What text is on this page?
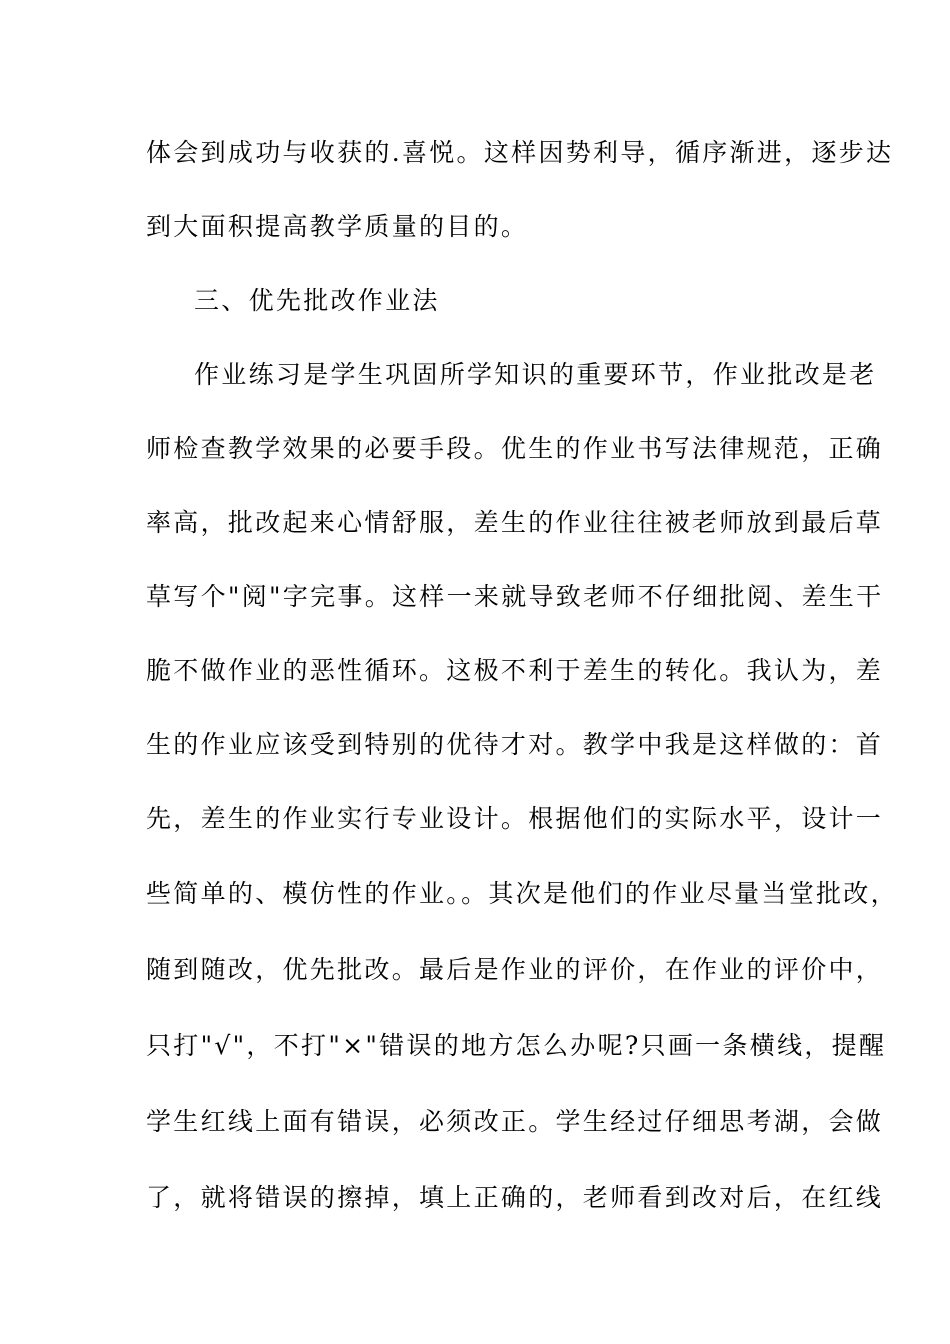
体会到成功与收获的.喜悦。这样因势利导，循序渐进，逐步达
到大面积提高教学质量的目的。
三、优先批改作业法
作业练习是学生巩固所学知识的重要环节，作业批改是老
师检查教学效果的必要手段。优生的作业书写法律规范，正确
率高，批改起来心情舒服，差生的作业往往被老师放到最后草
草写个"阅"字完事。这样一来就导致老师不仔细批阅、差生干
脆不做作业的恶性循环。这极不利于差生的转化。我认为，差
生的作业应该受到特别的优待才对。教学中我是这样做的：首
先，差生的作业实行专业设计。根据他们的实际水平，设计一
些简单的、模仿性的作业。。其次是他们的作业尽量当堂批改，
随到随改，优先批改。最后是作业的评价，在作业的评价中，
只打"√"，不打"×"错误的地方怎么办呢?只画一条横线，提醒
学生红线上面有错误，必须改正。学生经过仔细思考湖，会做
了，就将错误的擦掉，填上正确的，老师看到改对后，在红线
